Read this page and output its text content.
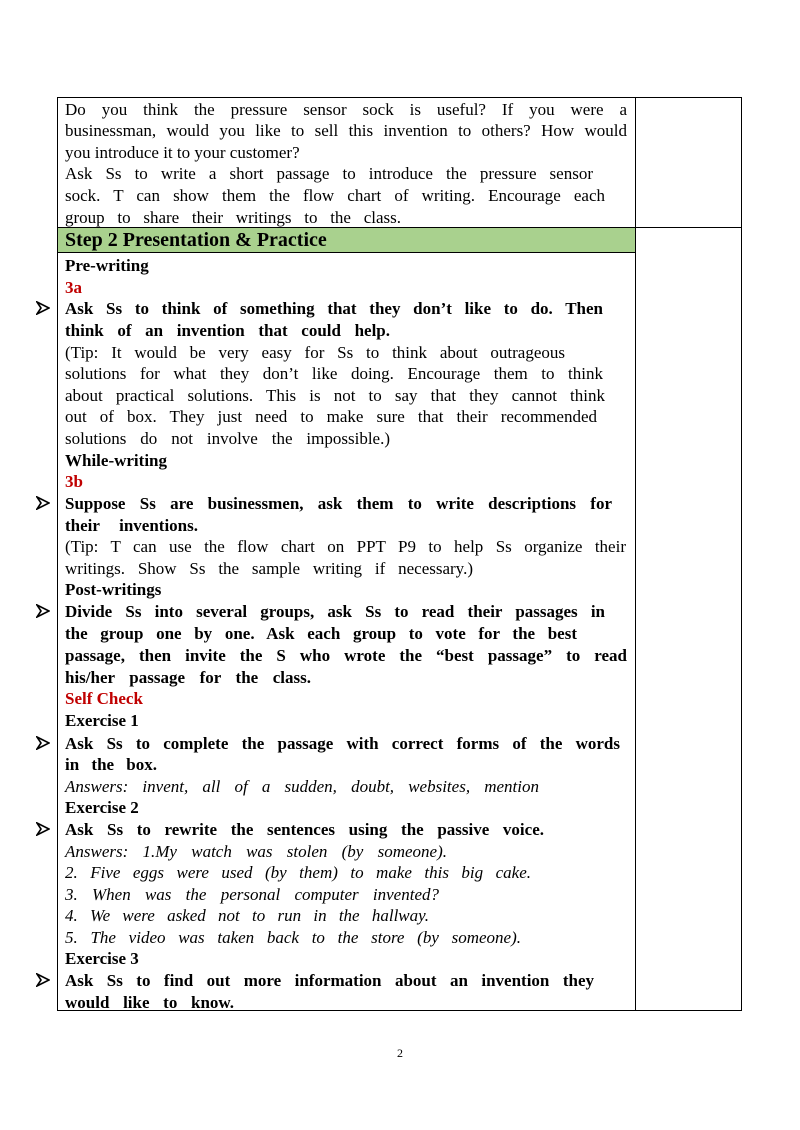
Step 2 Presentation & Practice
Do you think the pressure sensor sock is useful? If you were a
businessman, would you like to sell this invention to others? How would
you introduce it to your customer?
Ask Ss to write a short passage to introduce the pressure sensor
sock. T can show them the flow chart of writing. Encourage each
group to share their writings to the class.
Pre-writing
3a
Ask Ss to think of something that they don’t like to do. Then
think of an invention that could help.
(Tip: It would be very easy for Ss to think about outrageous
solutions for what they don’t like doing. Encourage them to think
about practical solutions. This is not to say that they cannot think
out of box. They just need to make sure that their recommended
solutions do not involve the impossible.)
While-writing
3b
Suppose Ss are businessmen, ask them to write descriptions for
their inventions.
(Tip: T can use the flow chart on PPT P9 to help Ss organize their
writings. Show Ss the sample writing if necessary.)
Post-writings
Divide Ss into several groups, ask Ss to read their passages in
the group one by one. Ask each group to vote for the best
passage, then invite the S who wrote the “best passage” to read
his/her passage for the class.
Self Check
Exercise 1
Ask Ss to complete the passage with correct forms of the words
in the box.
Answers: invent, all of a sudden, doubt, websites, mention
Exercise 2
Ask Ss to rewrite the sentences using the passive voice.
Answers: 1.My watch was stolen (by someone).
2. Five eggs were used (by them) to make this big cake.
3. When was the personal computer invented?
4. We were asked not to run in the hallway.
5. The video was taken back to the store (by someone).
Exercise 3
Ask Ss to find out more information about an invention they
would like to know.
2
